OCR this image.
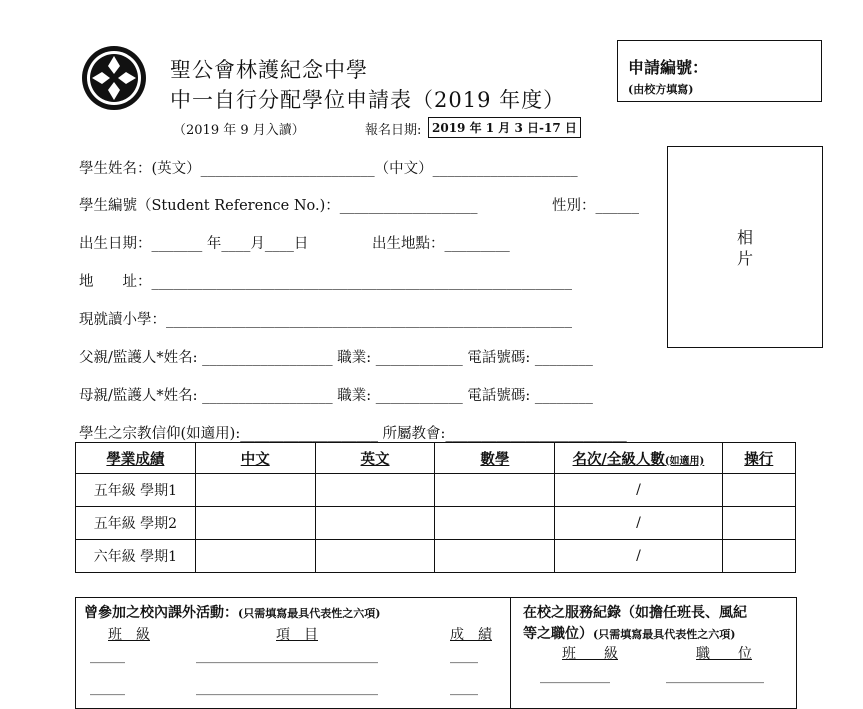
聖公會林護紀念中學
中一自行分配學位申請表（2019 年度）
（2019 年 9 月入讀）	報名日期: 2019 年 1 月 3 日-17 日
申請編號：
(由校方填寫)
相
片
學生姓名：(英文）________________________（中文）____________________
學生編號（Student Reference No.)：___________________	性別：______
出生日期：_______ 年____月____日	出生地點：_________
地　　址：__________________________________________________________
現就讀小學：________________________________________________________
父親/監護人*姓名: __________________ 職業: ____________ 電話號碼: ________
母親/監護人*姓名: __________________ 職業: ____________ 電話號碼: ________
學生之宗教信仰(如適用):___________________ 所屬教會:_________________________
學業成績	中文	英文	數學	名次/全級人數(如適用)	操行
五年級 學期1				/	
五年級 學期2				/	
六年級 學期1				/	
曾參加之校內課外活動：(只需填寫最具代表性之六項)
班　級	項　目	成　績
_____	__________________________	____
_____	__________________________	____
在校之服務紀錄（如擔任班長、風紀
等之職位）(只需填寫最具代表性之六項)
班　　級	職　　位
__________	______________
